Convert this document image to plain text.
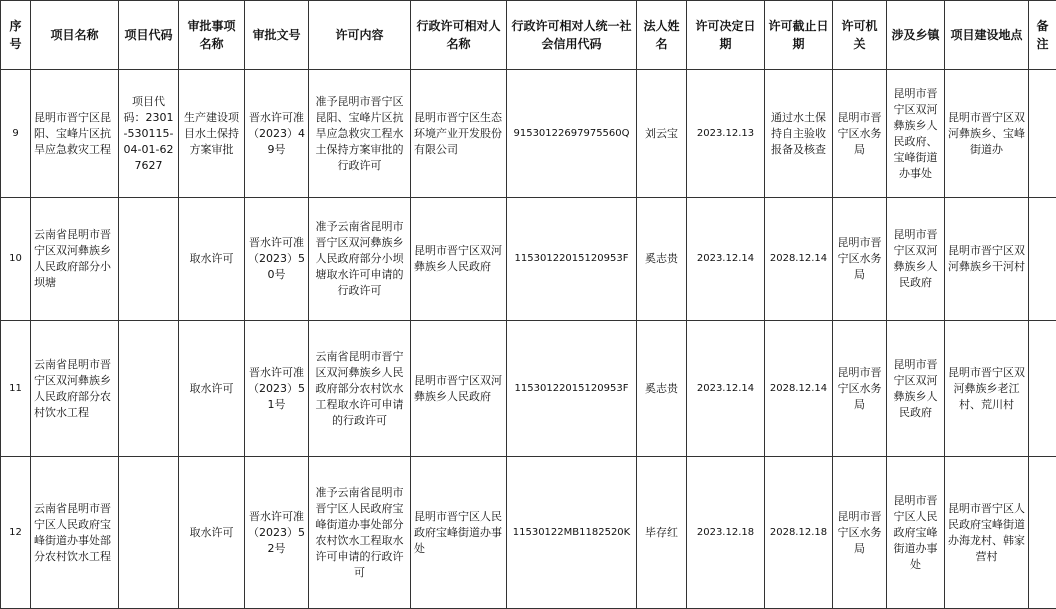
序号	项目名称	项目代码	审批事项名称	审批文号	许可内容	行政许可相对人名称	行政许可相对人统一社会信用代码	法人姓名	许可决定日期	许可截止日期	许可机关	涉及乡镇	项目建设地点	备注
9	昆明市晋宁区昆阳、宝峰片区抗旱应急救灾工程	项目代码：2301-530115-04-01-627627	生产建设项目水土保持方案审批	晋水许可准（2023）49号	准予昆明市晋宁区昆阳、宝峰片区抗旱应急救灾工程水土保持方案审批的行政许可	昆明市晋宁区生态环境产业开发股份有限公司	91530122697975560Q	刘云宝	2023.12.13	通过水土保持自主验收报备及核查	昆明市晋宁区水务局	昆明市晋宁区双河彝族乡人民政府、宝峰街道办事处	昆明市晋宁区双河彝族乡、宝峰街道办	
10	云南省昆明市晋宁区双河彝族乡人民政府部分小坝塘		取水许可	晋水许可准（2023）50号	准予云南省昆明市晋宁区双河彝族乡人民政府部分小坝塘取水许可申请的行政许可	昆明市晋宁区双河彝族乡人民政府	11530122015120953F	奚志贵	2023.12.14	2028.12.14	昆明市晋宁区水务局	昆明市晋宁区双河彝族乡人民政府	昆明市晋宁区双河彝族乡干河村	
11	云南省昆明市晋宁区双河彝族乡人民政府部分农村饮水工程		取水许可	晋水许可准（2023）51号	云南省昆明市晋宁区双河彝族乡人民政府部分农村饮水工程取水许可申请的行政许可	昆明市晋宁区双河彝族乡人民政府	11530122015120953F	奚志贵	2023.12.14	2028.12.14	昆明市晋宁区水务局	昆明市晋宁区双河彝族乡人民政府	昆明市晋宁区双河彝族乡老江村、荒川村	
12	云南省昆明市晋宁区人民政府宝峰街道办事处部分农村饮水工程		取水许可	晋水许可准（2023）52号	准予云南省昆明市晋宁区人民政府宝峰街道办事处部分农村饮水工程取水许可申请的行政许可	昆明市晋宁区人民政府宝峰街道办事处	11530122MB1182520K	毕存红	2023.12.18	2028.12.18	昆明市晋宁区水务局	昆明市晋宁区人民政府宝峰街道办事处	昆明市晋宁区人民政府宝峰街道办海龙村、韩家营村	
